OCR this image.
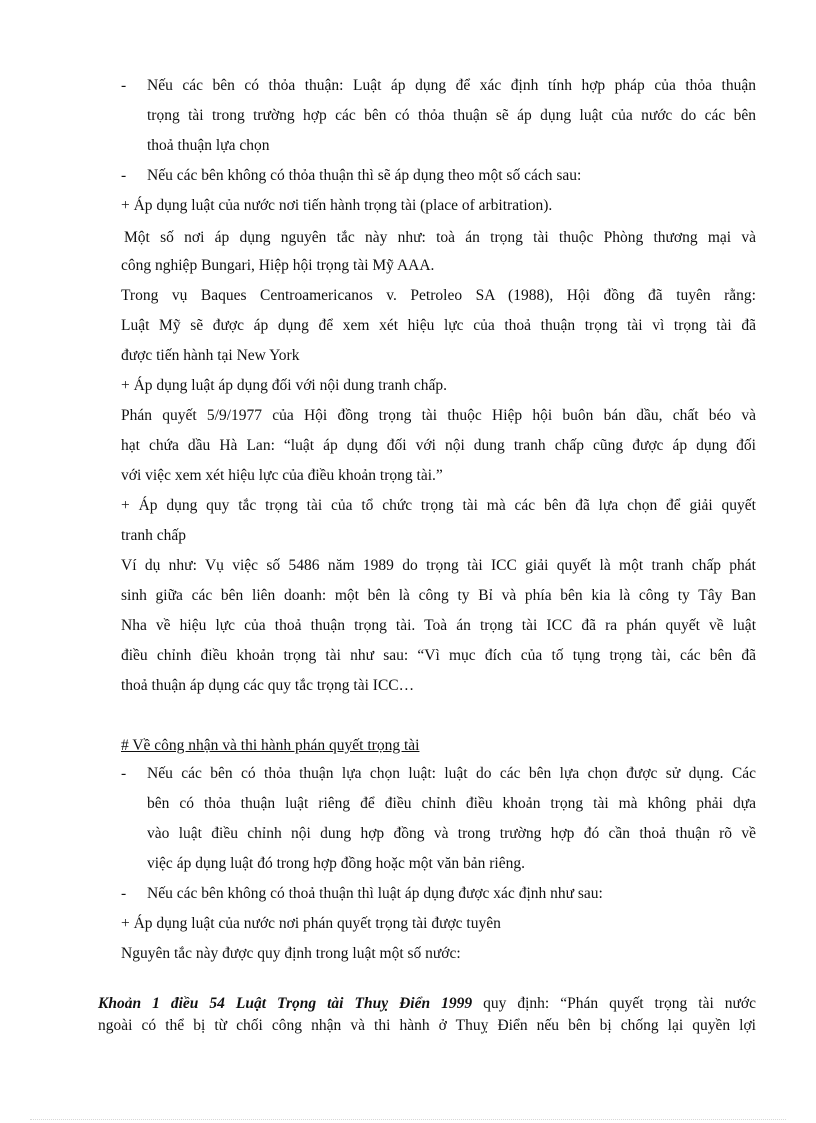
- Nếu các bên có thỏa thuận: Luật áp dụng để xác định tính hợp pháp của thỏa thuận
trọng tài trong trường hợp các bên có thỏa thuận sẽ áp dụng luật của nước do các bên
thoả thuận lựa chọn
- Nếu các bên không có thỏa thuận thì sẽ áp dụng theo một số cách sau:
+ Áp dụng luật của nước nơi tiến hành trọng tài (place of arbitration).
Một số nơi áp dụng nguyên tắc này như: toà án trọng tài thuộc Phòng thương mại và
công nghiệp Bungari, Hiệp hội trọng tài Mỹ AAA.
Trong vụ Baques Centroamericanos v. Petroleo SA (1988), Hội đồng đã tuyên rằng:
Luật Mỹ sẽ được áp dụng để xem xét hiệu lực của thoả thuận trọng tài vì trọng tài đã
được tiến hành tại New York
+ Áp dụng luật áp dụng đối với nội dung tranh chấp.
Phán quyết 5/9/1977 của Hội đồng trọng tài thuộc Hiệp hội buôn bán dầu, chất béo và
hạt chứa dầu Hà Lan: “luật áp dụng đối với nội dung tranh chấp cũng được áp dụng đối
với việc xem xét hiệu lực của điều khoản trọng tài.”
+ Áp dụng quy tắc trọng tài của tổ chức trọng tài mà các bên đã lựa chọn để giải quyết
tranh chấp
Ví dụ như: Vụ việc số 5486 năm 1989 do trọng tài ICC giải quyết là một tranh chấp phát
sinh giữa các bên liên doanh: một bên là công ty Bỉ và phía bên kia là công ty Tây Ban
Nha về hiệu lực của thoả thuận trọng tài. Toà án trọng tài ICC đã ra phán quyết về luật
điều chỉnh điều khoản trọng tài như sau: “Vì mục đích của tố tụng trọng tài, các bên đã
thoả thuận áp dụng các quy tắc trọng tài ICC…
# Về công nhận và thi hành phán quyết trọng tài
- Nếu các bên có thỏa thuận lựa chọn luật: luật do các bên lựa chọn được sử dụng. Các
bên có thỏa thuận luật riêng để điều chỉnh điều khoản trọng tài mà không phải dựa
vào luật điều chỉnh nội dung hợp đồng và trong trường hợp đó cần thoả thuận rõ về
việc áp dụng luật đó trong hợp đồng hoặc một văn bản riêng.
- Nếu các bên không có thoả thuận thì luật áp dụng được xác định như sau:
+ Áp dụng luật của nước nơi phán quyết trọng tài được tuyên
Nguyên tắc này được quy định trong luật một số nước:
Khoản 1 điều 54 Luật Trọng tài Thuỵ Điển 1999 quy định: “Phán quyết trọng tài nước
ngoài có thể bị từ chối công nhận và thi hành ở Thuỵ Điển nếu bên bị chống lại quyền lợi
